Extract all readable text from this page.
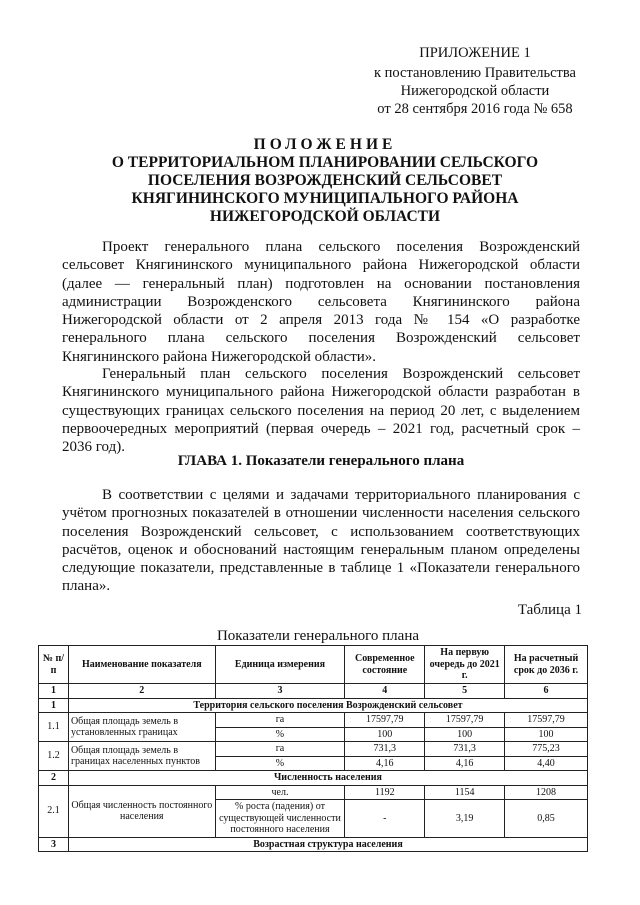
ПРИЛОЖЕНИЕ 1
к постановлению Правительства
Нижегородской области
от 28 сентября 2016 года № 658
ПОЛОЖЕНИЕ
О ТЕРРИТОРИАЛЬНОМ ПЛАНИРОВАНИИ СЕЛЬСКОГО
ПОСЕЛЕНИЯ ВОЗРОЖДЕНСКИЙ СЕЛЬСОВЕТ
КНЯГИНИНСКОГО МУНИЦИПАЛЬНОГО РАЙОНА
НИЖЕГОРОДСКОЙ ОБЛАСТИ

Проект генерального плана сельского поселения Возрожденский сельсовет Княгининского муниципального района Нижегородской области (далее — генеральный план) подготовлен на основании постановления администрации Возрожденского сельсовета Княгининского района Нижегородской области от 2 апреля 2013 года № 154 «О разработке генерального плана сельского поселения Возрожденский сельсовет Княгининского района Нижегородской области».

Генеральный план сельского поселения Возрожденский сельсовет Княгининского муниципального района Нижегородской области разработан в существующих границах сельского поселения на период 20 лет, с выделением первоочередных мероприятий (первая очередь – 2021 год, расчетный срок – 2036 год).

ГЛАВА 1. Показатели генерального плана

В соответствии с целями и задачами территориального планирования с учётом прогнозных показателей в отношении численности населения сельского поселения Возрожденский сельсовет, с использованием соответствующих расчётов, оценок и обоснований настоящим генеральным планом определены следующие показатели, представленные в таблице 1 «Показатели генерального плана».

Таблица 1
Показатели генерального плана
№ п/п	Наименование показателя	Единица измерения	Современное состояние	На первую очередь до 2021 г.	На расчетный срок до 2036 г.
1	2	3	4	5	6
1	Территория сельского поселения Возрожденский сельсовет				
1.1	Общая площадь земель в установленных границах	га	17597,79	17597,79	17597,79
		%	100	100	100
1.2	Общая площадь земель в границах населенных пунктов	га	731,3	731,3	775,23
		%	4,16	4,16	4,40
2	Численность населения				
2.1	Общая численность постоянного населения	чел.	1192	1154	1208
		% роста (падения) от существующей численности постоянного населения	-	3,19	0,85
3	Возрастная структура населения				
